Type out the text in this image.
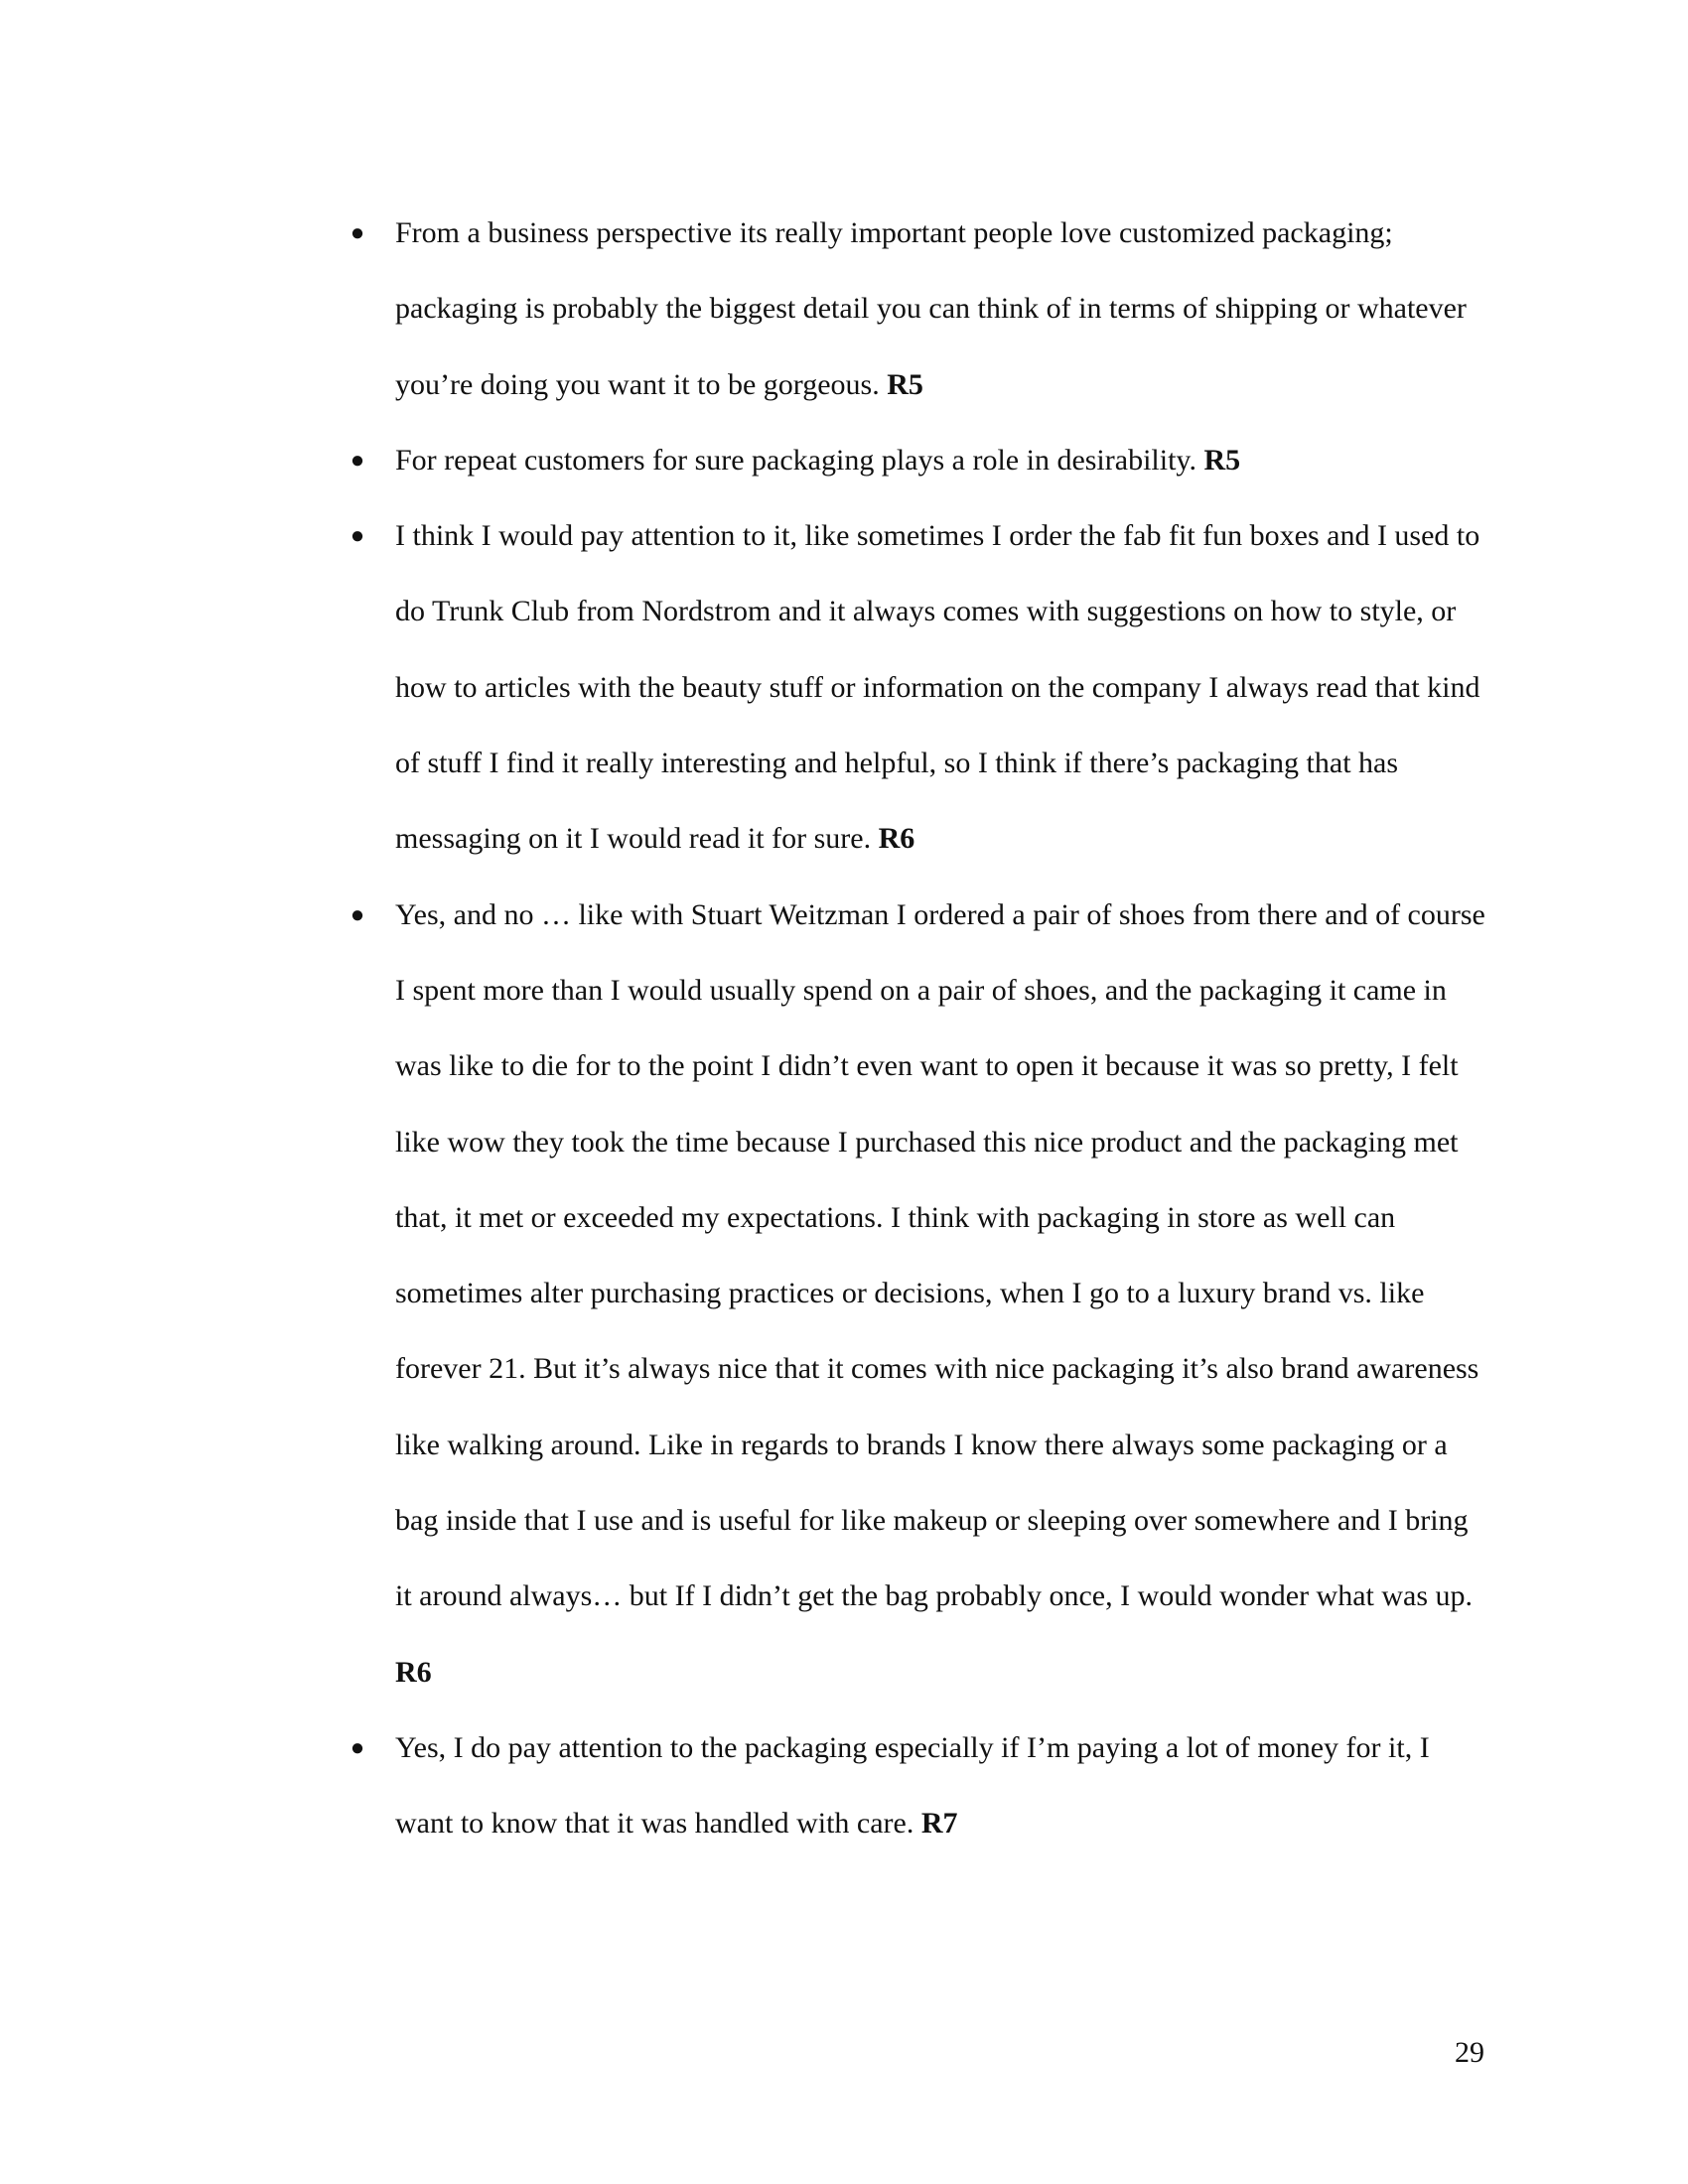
● From a business perspective its really important people love customized packaging; packaging is probably the biggest detail you can think of in terms of shipping or whatever you’re doing you want it to be gorgeous. R5
● For repeat customers for sure packaging plays a role in desirability. R5
● I think I would pay attention to it, like sometimes I order the fab fit fun boxes and I used to do Trunk Club from Nordstrom and it always comes with suggestions on how to style, or how to articles with the beauty stuff or information on the company I always read that kind of stuff I find it really interesting and helpful, so I think if there’s packaging that has messaging on it I would read it for sure. R6
● Yes, and no … like with Stuart Weitzman I ordered a pair of shoes from there and of course I spent more than I would usually spend on a pair of shoes, and the packaging it came in was like to die for to the point I didn’t even want to open it because it was so pretty, I felt like wow they took the time because I purchased this nice product and the packaging met that, it met or exceeded my expectations. I think with packaging in store as well can sometimes alter purchasing practices or decisions, when I go to a luxury brand vs. like forever 21. But it’s always nice that it comes with nice packaging it’s also brand awareness like walking around. Like in regards to brands I know there always some packaging or a bag inside that I use and is useful for like makeup or sleeping over somewhere and I bring it around always… but If I didn’t get the bag probably once, I would wonder what was up. R6
● Yes, I do pay attention to the packaging especially if I’m paying a lot of money for it, I want to know that it was handled with care. R7
29
